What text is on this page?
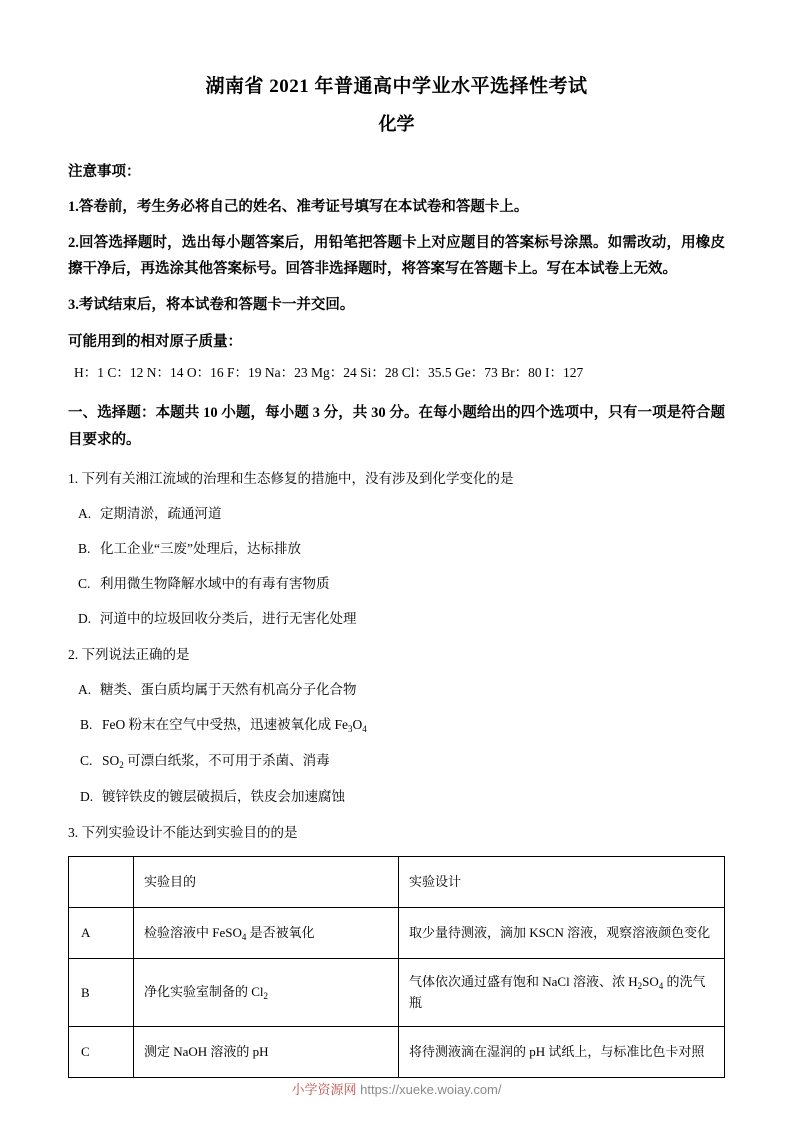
湖南省 2021 年普通高中学业水平选择性考试
化学
注意事项：
1.答卷前，考生务必将自己的姓名、准考证号填写在本试卷和答题卡上。
2.回答选择题时，选出每小题答案后，用铅笔把答题卡上对应题目的答案标号涂黑。如需改动，用橡皮擦干净后，再选涂其他答案标号。回答非选择题时，将答案写在答题卡上。写在本试卷上无效。
3.考试结束后，将本试卷和答题卡一并交回。
可能用到的相对原子质量：
H：1 C：12 N：14 O：16 F：19 Na：23 Mg：24 Si：28 Cl：35.5 Ge：73 Br：80 I：127
一、选择题：本题共 10 小题，每小题 3 分，共 30 分。在每小题给出的四个选项中，只有一项是符合题目要求的。
1. 下列有关湘江流域的治理和生态修复的措施中，没有涉及到化学变化的是
A. 定期清淤，疏通河道
B. 化工企业“三废”处理后，达标排放
C. 利用微生物降解水域中的有毒有害物质
D. 河道中的垃圾回收分类后，进行无害化处理
2. 下列说法正确的是
A. 糖类、蛋白质均属于天然有机高分子化合物
B. FeO 粉末在空气中受热，迅速被氧化成 $Fe_3O_4$
C. $SO_2$ 可漂白纸浆，不可用于杀菌、消毒
D. 镀锌铁皮的镀层破损后，铁皮会加速腐蚀
3. 下列实验设计不能达到实验目的的是
	实验目的	实验设计
A	检验溶液中 FeSO$_4$ 是否被氧化	取少量待测液，滴加 KSCN 溶液，观察溶液颜色变化
B	净化实验室制备的 $Cl_2$	气体依次通过盛有饱和 NaCl 溶液、浓 $H_2SO_4$ 的洗气瓶
C	测定 NaOH 溶液的 pH	将待测液滴在湿润的 pH 试纸上，与标准比色卡对照
小学资源网 https://xueke.woiay.com/
